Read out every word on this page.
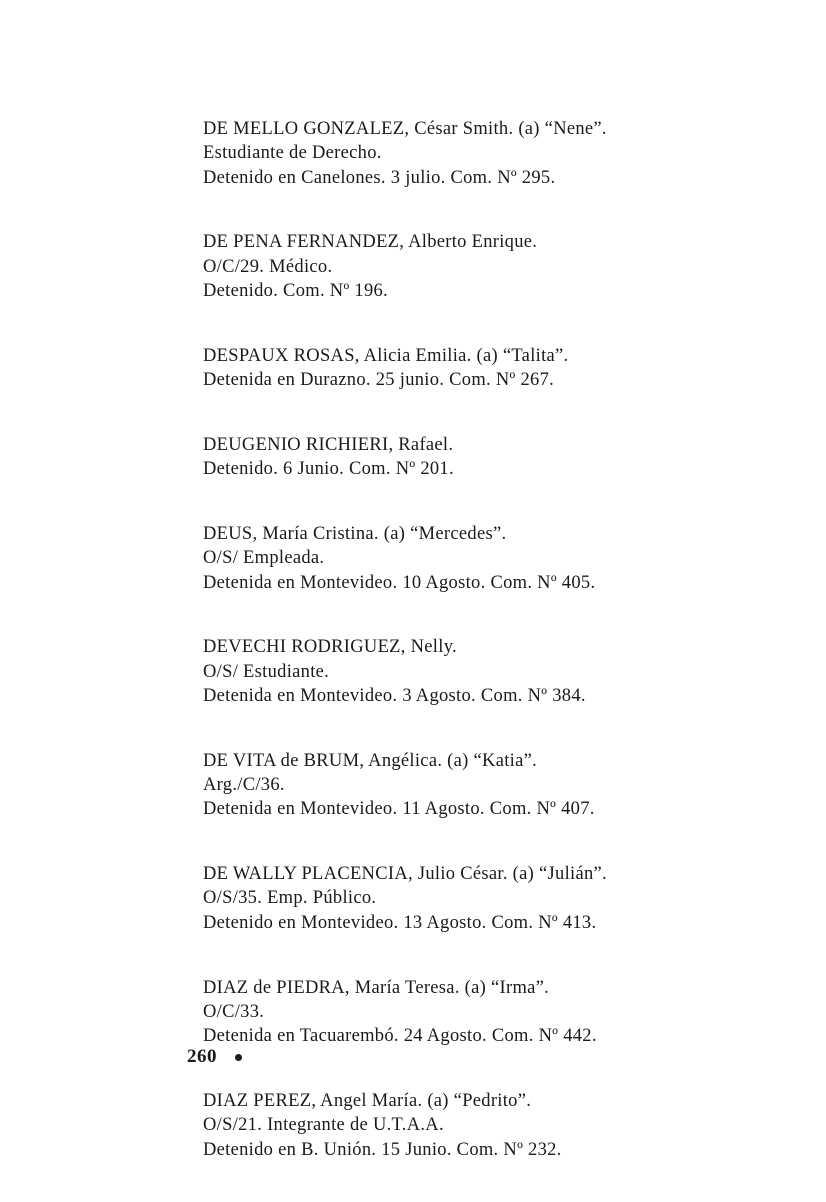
DE MELLO GONZALEZ, César Smith. (a) “Nene”.
Estudiante de Derecho.
Detenido en Canelones. 3 julio. Com. Nº 295.
DE PENA FERNANDEZ, Alberto Enrique.
O/C/29. Médico.
Detenido. Com. Nº 196.
DESPAUX ROSAS, Alicia Emilia. (a) “Talita”.
Detenida en Durazno. 25 junio. Com. Nº 267.
DEUGENIO RICHIERI, Rafael.
Detenido. 6 Junio. Com. Nº 201.
DEUS, María Cristina. (a) “Mercedes”.
O/S/ Empleada.
Detenida en Montevideo. 10 Agosto. Com. Nº 405.
DEVECHI RODRIGUEZ, Nelly.
O/S/ Estudiante.
Detenida en Montevideo. 3 Agosto. Com. Nº 384.
DE VITA de BRUM, Angélica. (a) “Katia”.
Arg./C/36.
Detenida en Montevideo. 11 Agosto. Com. Nº 407.
DE WALLY PLACENCIA, Julio César. (a) “Julián”.
O/S/35. Emp. Público.
Detenido en Montevideo. 13 Agosto. Com. Nº 413.
DIAZ de PIEDRA, María Teresa. (a) “Irma”.
O/C/33.
Detenida en Tacuarembó. 24 Agosto. Com. Nº 442.
DIAZ PEREZ, Angel María. (a) “Pedrito”.
O/S/21. Integrante de U.T.A.A.
Detenido en B. Unión. 15 Junio. Com. Nº 232.
260
